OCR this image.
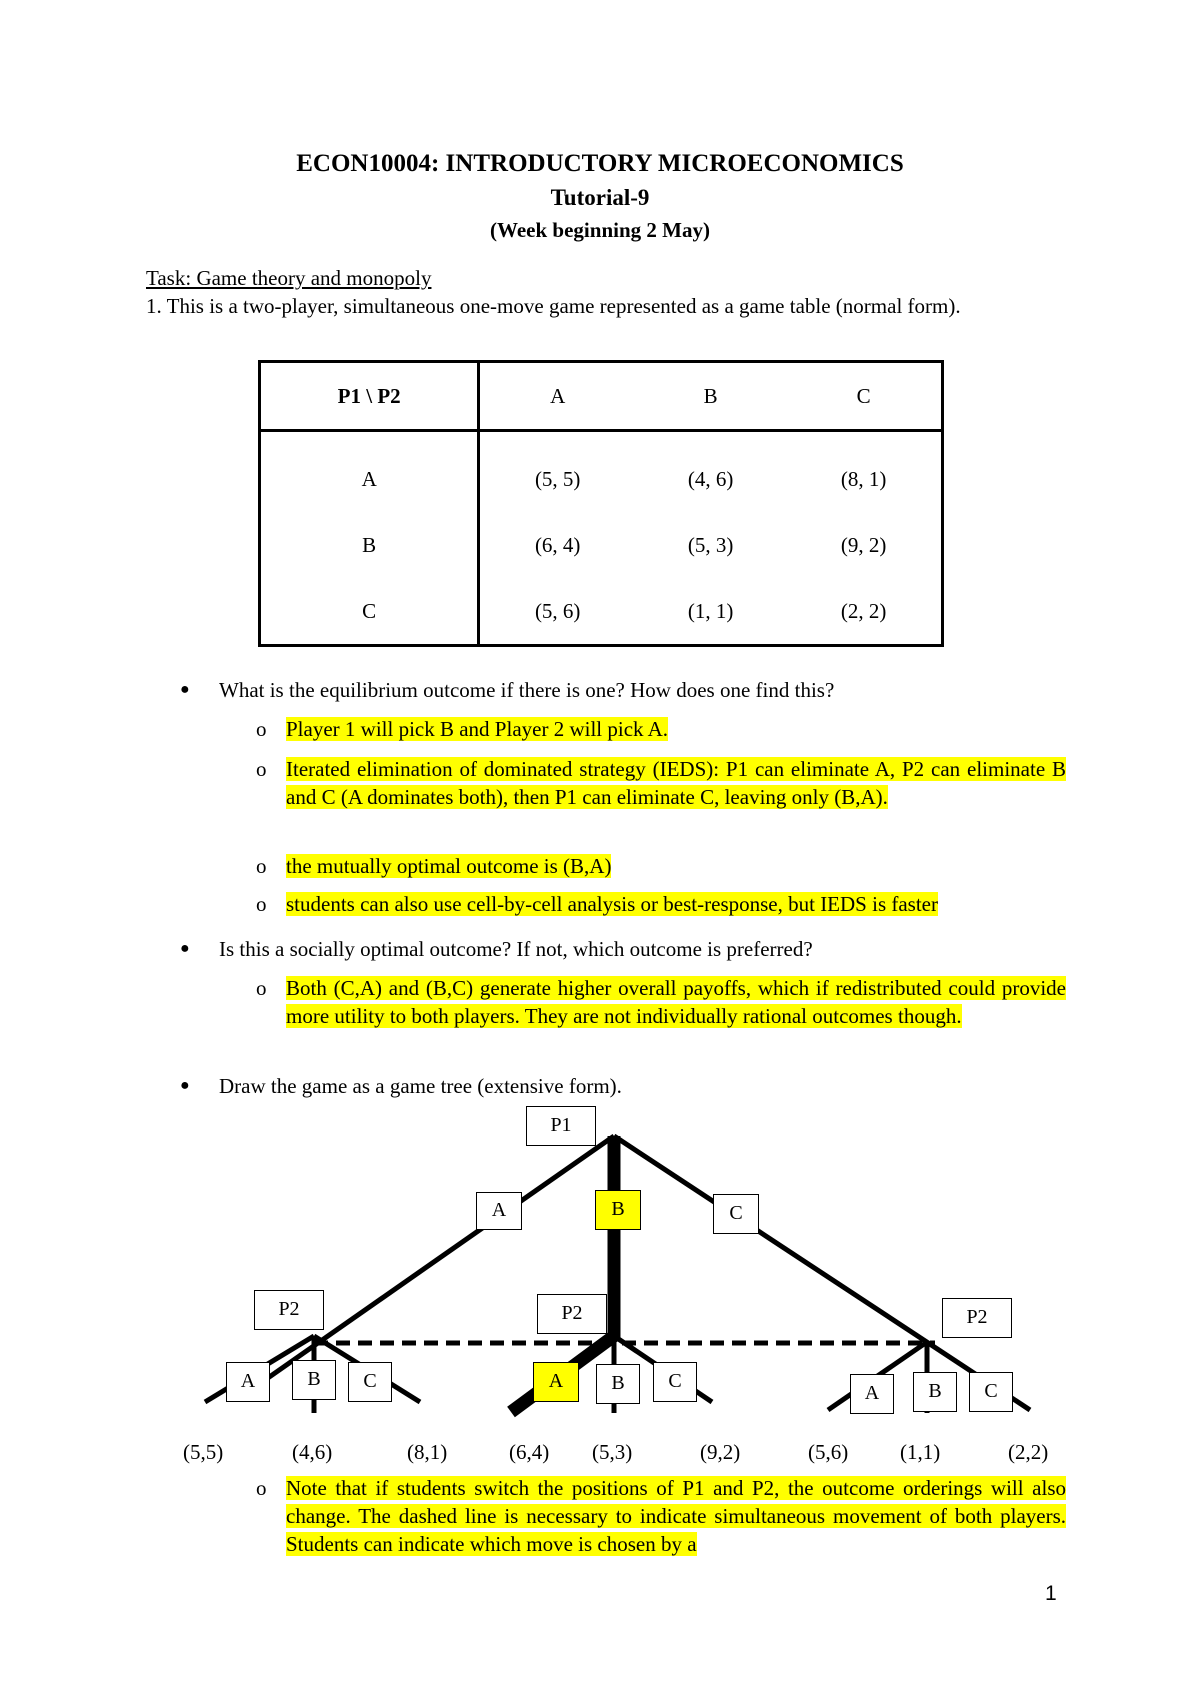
ECON10004: INTRODUCTORY MICROECONOMICS
Tutorial-9
(Week beginning 2 May)
Task: Game theory and monopoly
1. This is a two-player, simultaneous one-move game represented as a game table (normal form).
P1 \ P2	A	B	C
A	(5, 5)	(4, 6)	(8, 1)
B	(6, 4)	(5, 3)	(9, 2)
C	(5, 6)	(1, 1)	(2, 2)
●	What is the equilibrium outcome if there is one? How does one find this?
o Player 1 will pick B and Player 2 will pick A.
o Iterated elimination of dominated strategy (IEDS): P1 can eliminate A, P2 can eliminate B and C (A dominates both), then P1 can eliminate C, leaving only (B,A).
o the mutually optimal outcome is (B,A)
o students can also use cell-by-cell analysis or best-response, but IEDS is faster
●	Is this a socially optimal outcome? If not, which outcome is preferred?
o Both (C,A) and (B,C) generate higher overall payoffs, which if redistributed could provide more utility to both players. They are not individually rational outcomes though.
●	Draw the game as a game tree (extensive form).
P1
A	B	C
P2	P2	P2
A	B	C	A	B	C
A	B	C
(5,5)	(4,6)	(8,1)	(6,4) (5,3)	(9,2)	(5,6) (1,1)	(2,2)
o Note that if students switch the positions of P1 and P2, the outcome orderings will also change. The dashed line is necessary to indicate simultaneous movement of both players. Students can indicate which move is chosen by a
1
